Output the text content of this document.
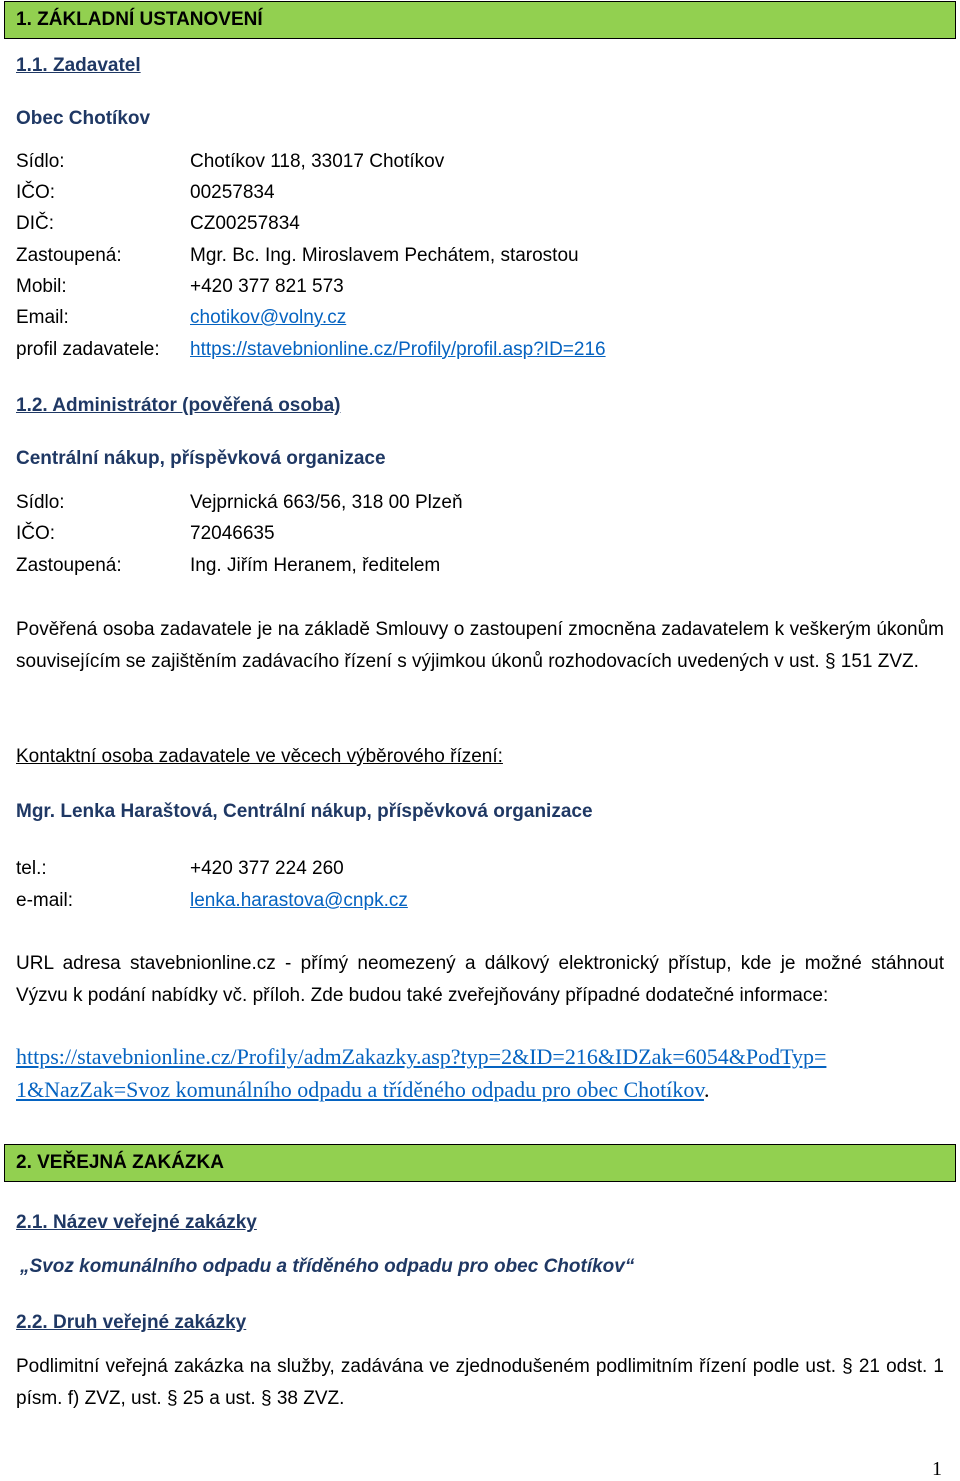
1. ZÁKLADNÍ USTANOVENÍ
1.1. Zadavatel
Obec Chotíkov
Sídlo:	Chotíkov 118, 33017 Chotíkov
IČO:	00257834
DIČ:	CZ00257834
Zastoupená:	Mgr. Bc. Ing. Miroslavem Pechátem, starostou
Mobil:	+420 377 821 573
Email:	chotikov@volny.cz
profil zadavatele: https://stavebnionline.cz/Profily/profil.asp?ID=216
1.2. Administrátor (pověřená osoba)
Centrální nákup, příspěvková organizace
Sídlo:	Vejprnická 663/56, 318 00 Plzeň
IČO:	72046635
Zastoupená:	Ing. Jiřím Heranem, ředitelem
Pověřená osoba zadavatele je na základě Smlouvy o zastoupení zmocněna zadavatelem k veškerým úkonům souvisejícím se zajištěním zadávacího řízení s výjimkou úkonů rozhodovacích uvedených v ust. § 151 ZVZ.
Kontaktní osoba zadavatele ve věcech výběrového řízení:
Mgr. Lenka Haraštová, Centrální nákup, příspěvková organizace
tel.:	+420 377 224 260
e-mail:	lenka.harastova@cnpk.cz
URL adresa stavebnionline.cz - přímý neomezený a dálkový elektronický přístup, kde je možné stáhnout Výzvu k podání nabídky vč. příloh. Zde budou také zveřejňovány případné dodatečné informace:
https://stavebnionline.cz/Profily/admZakazky.asp?typ=2&ID=216&IDZak=6054&PodTyp=
1&NazZak=Svoz komunálního odpadu a tříděného odpadu pro obec Chotíkov.
2. VEŘEJNÁ ZAKÁZKA
2.1. Název veřejné zakázky
„Svoz komunálního odpadu a tříděného odpadu pro obec Chotíkov“
2.2. Druh veřejné zakázky
Podlimitní veřejná zakázka na služby, zadávána ve zjednodušeném podlimitním řízení podle ust. § 21 odst. 1 písm. f) ZVZ, ust. § 25 a ust. § 38 ZVZ.
1
